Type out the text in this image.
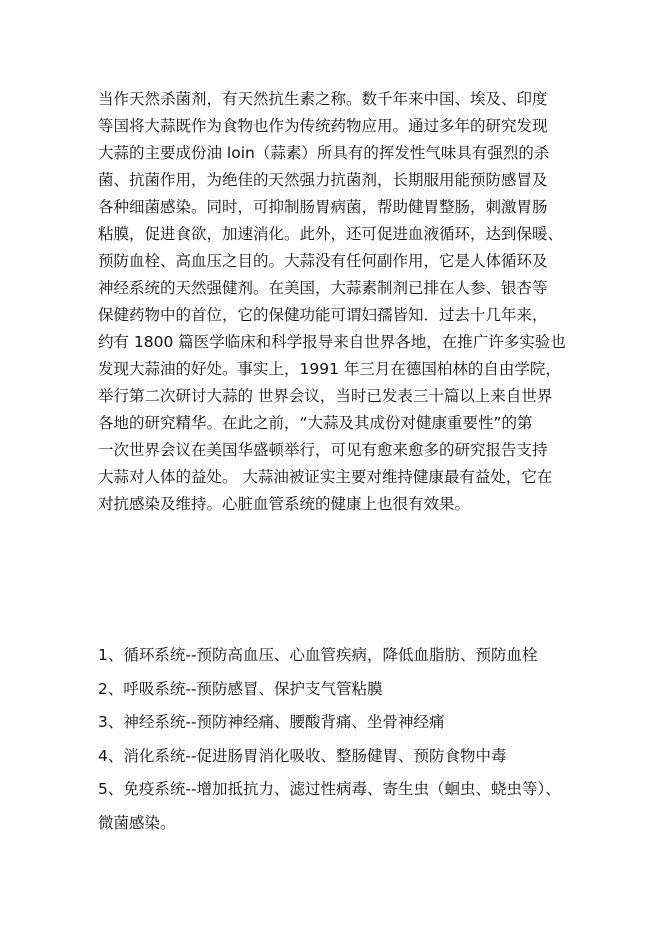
当作天然杀菌剂，有天然抗生素之称。数千年来中国、埃及、印度
等国将大蒜既作为食物也作为传统药物应用。通过多年的研究发现
大蒜的主要成份油 loin（蒜素）所具有的挥发性气味具有强烈的杀
菌、抗菌作用，为绝佳的天然强力抗菌剂，长期服用能预防感冒及
各种细菌感染。同时，可抑制肠胃病菌，帮助健胃整肠，刺激胃肠
粘膜，促进食欲，加速消化。此外，还可促进血液循环，达到保暖、
预防血栓、高血压之目的。大蒜没有任何副作用，它是人体循环及
神经系统的天然强健剂。在美国，大蒜素制剂已排在人参、银杏等
保健药物中的首位，它的保健功能可谓妇孺皆知．过去十几年来，
约有 1800 篇医学临床和科学报导来自世界各地，在推广许多实验也
发现大蒜油的好处。事实上，1991 年三月在德国柏林的自由学院，
举行第二次研讨大蒜的 世界会议，当时已发表三十篇以上来自世界
各地的研究精华。在此之前，“大蒜及其成份对健康重要性”的第
一次世界会议在美国华盛顿举行，可见有愈来愈多的研究报告支持
大蒜对人体的益处。 大蒜油被证实主要对维持健康最有益处，它在
对抗感染及维持。心脏血管系统的健康上也很有效果。
1、循环系统--预防高血压、心血管疾病，降低血脂肪、预防血栓
2、呼吸系统--预防感冒、保护支气管粘膜
3、神经系统--预防神经痛、腰酸背痛、坐骨神经痛
4、消化系统--促进肠胃消化吸收、整肠健胃、预防食物中毒
5、免疫系统--增加抵抗力、滤过性病毒、寄生虫（蛔虫、蛲虫等）、
微菌感染。
